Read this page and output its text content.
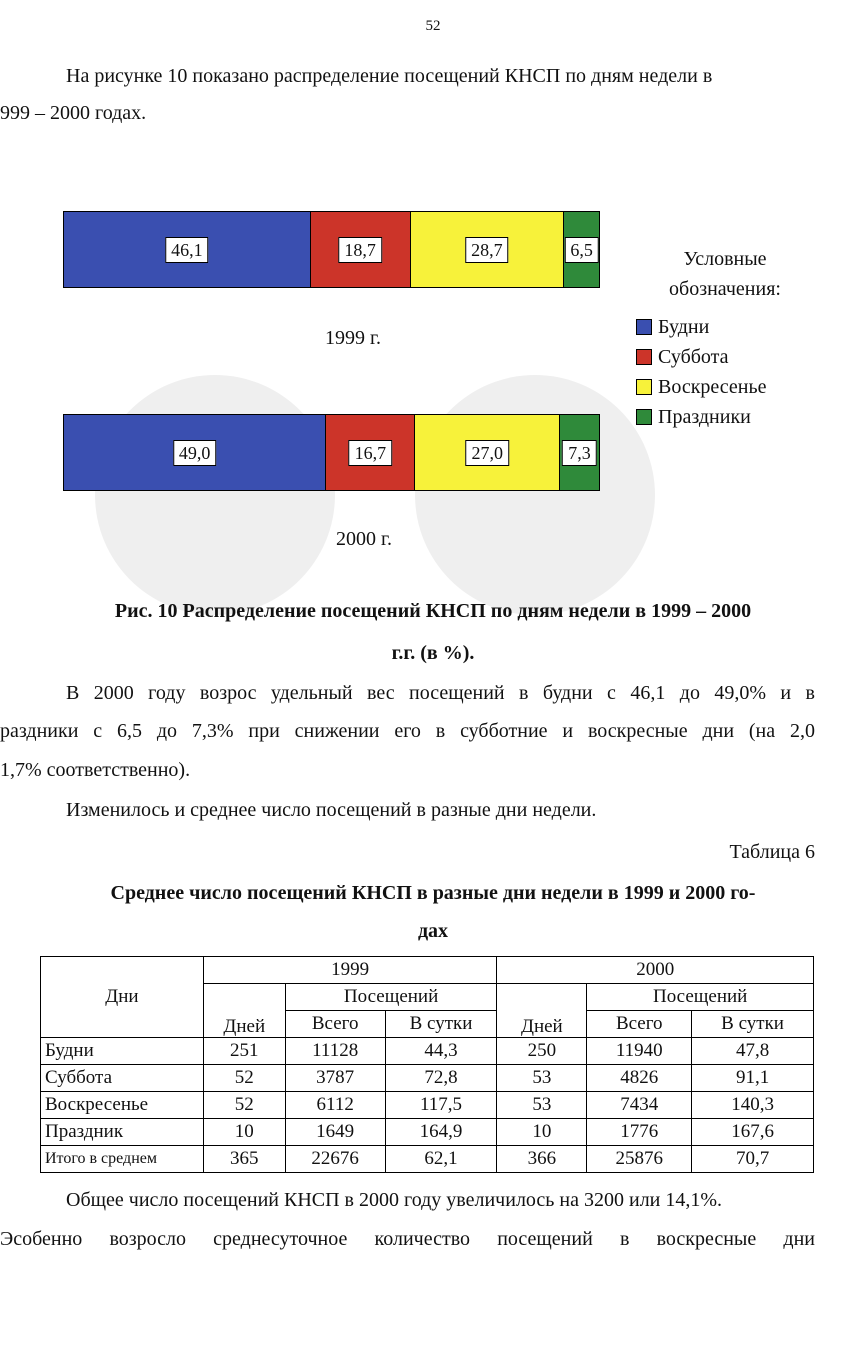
52
На рисунке 10 показано распределение посещений КНСП по дням недели в
999 – 2000 годах.
46,1	18,7	28,7	6,5
1999 г.
49,0	16,7	27,0	7,3
2000 г.
Условные обозначения:
Будни
Суббота
Воскресенье
Праздники
Рис. 10 Распределение посещений КНСП по дням недели в 1999 – 2000
г.г. (в %).
В 2000 году возрос удельный вес посещений в будни с 46,1 до 49,0% и в
раздники с 6,5 до 7,3% при снижении его в субботние и воскресные дни (на 2,0
1,7% соответственно).
Изменилось и среднее число посещений в разные дни недели.
Таблица 6
Среднее число посещений КНСП в разные дни недели в 1999 и 2000 го-
дах
Дни	1999			2000		
	Дней	Посещений		Дней	Посещений	
		Всего	В сутки		Всего	В сутки
Будни	251	11128	44,3	250	11940	47,8
Суббота	52	3787	72,8	53	4826	91,1
Воскресенье	52	6112	117,5	53	7434	140,3
Праздник	10	1649	164,9	10	1776	167,6
Итого в среднем	365	22676	62,1	366	25876	70,7
Общее число посещений КНСП в 2000 году увеличилось на 3200 или 14,1%.
Эсобенно возросло среднесуточное количество посещений в воскресные дни
